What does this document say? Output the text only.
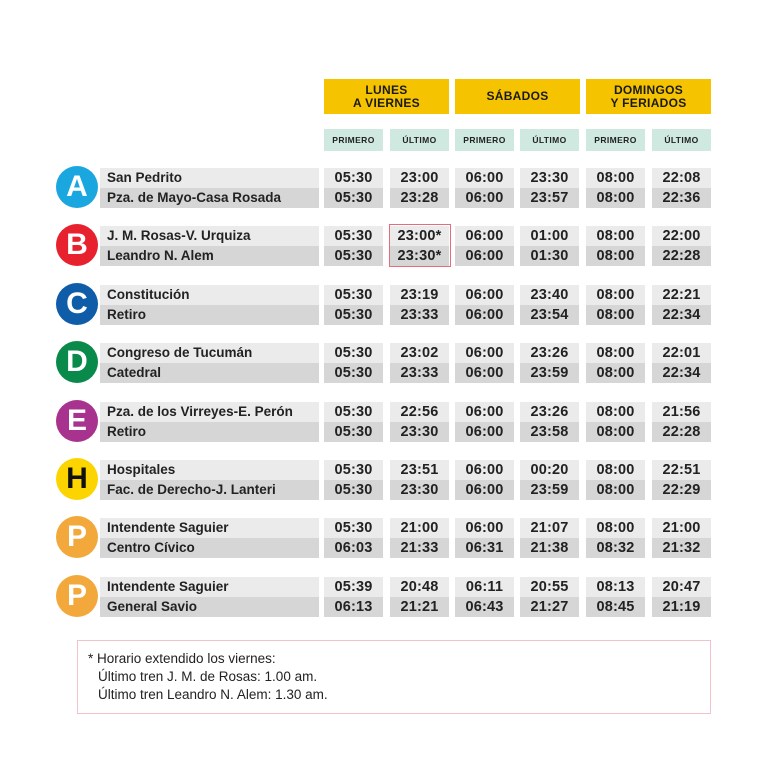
LUNES
A VIERNES	SÁBADOS	DOMINGOS
Y FERIADOS
PRIMERO	ÚLTIMO	PRIMERO	ÚLTIMO	PRIMERO	ÚLTIMO
A	San Pedrito	05:30	23:00	06:00	23:30	08:00	22:08
Pza. de Mayo-Casa Rosada	05:30	23:28	06:00	23:57	08:00	22:36
B	J. M. Rosas-V. Urquiza	05:30	23:00*	06:00	01:00	08:00	22:00
Leandro N. Alem	05:30	23:30*	06:00	01:30	08:00	22:28
C	Constitución	05:30	23:19	06:00	23:40	08:00	22:21
Retiro	05:30	23:33	06:00	23:54	08:00	22:34
D	Congreso de Tucumán	05:30	23:02	06:00	23:26	08:00	22:01
Catedral	05:30	23:33	06:00	23:59	08:00	22:34
E	Pza. de los Virreyes-E. Perón	05:30	22:56	06:00	23:26	08:00	21:56
Retiro	05:30	23:30	06:00	23:58	08:00	22:28
H	Hospitales	05:30	23:51	06:00	00:20	08:00	22:51
Fac. de Derecho-J. Lanteri	05:30	23:30	06:00	23:59	08:00	22:29
P	Intendente Saguier	05:30	21:00	06:00	21:07	08:00	21:00
Centro Cívico	06:03	21:33	06:31	21:38	08:32	21:32
P	Intendente Saguier	05:39	20:48	06:11	20:55	08:13	20:47
General Savio	06:13	21:21	06:43	21:27	08:45	21:19
* Horario extendido los viernes:
Último tren J. M. de Rosas: 1.00 am.
Último tren Leandro N. Alem: 1.30 am.
